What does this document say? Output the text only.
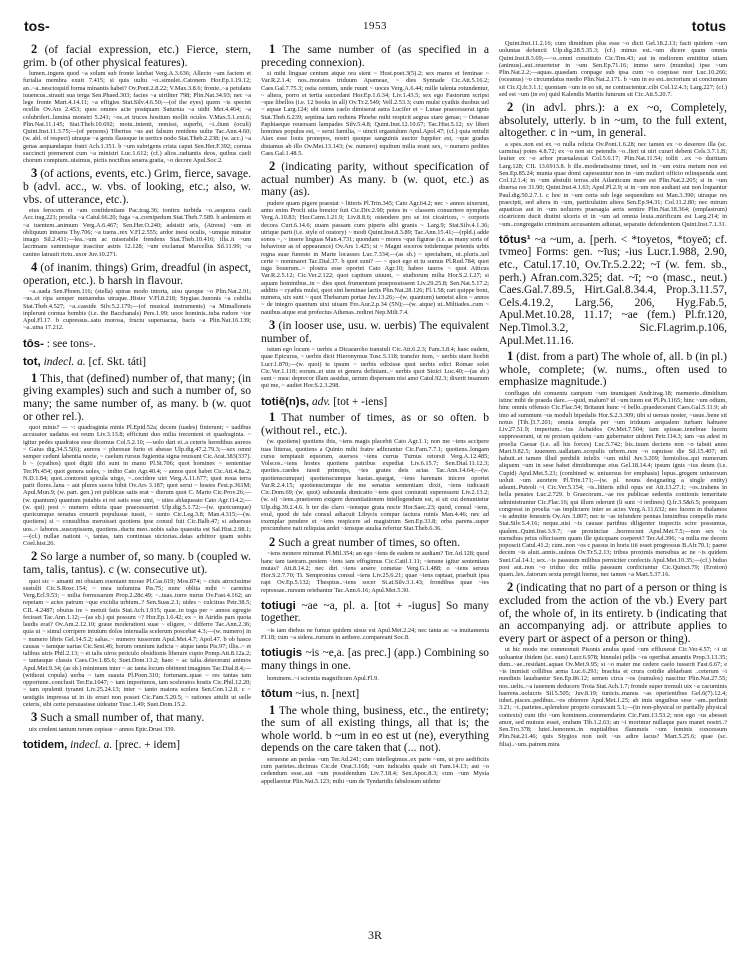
tos-	1953	totus

2 (of facial expression, etc.) Fierce, stern, grim. b (of other physical features).

lumen..ingens quod ~a solum sub fronte latebat Verg.A.3.636; Allecto ~am faciem et furialia membra exuit 7.415; si quis uultu ~o..simulet..Catonem Hor.Ep.1.19.12; an..~a..nescioquid forma minantis habet? Ov.Pont.2.8.22; V.Max.3.8.6; fronte..~a petulans iuuencus..strauit sua terga Sen.Phaed.303; facies ~a uiriliter 798; Plin.Nat.34.93; nec ~a lege fronte Mart.4.14.11; ~a effigies Stat.Silv.4.6.50;—(of the eyes) quem ~is spectet ocellis Ov.Ars 2.453; quos omnes acie postquam Saturnia ~a uidit Met.4.464; ~a colubriferi..lumina monstri 5.241; ~os..et truces hostium mollit oculos V.Max.5.1.ext.6; Plin.Nat.11.145; Stat.Theb.10.692; motu..intenti, remissi, superbi, ~i..fiunt (oculi) Quint.Inst.11.3.75;—(of persons) Tiberius ~us aut falsum renidens uultu Tac.Ann.4.60; (w. abl. of respect) utraque ~a genis flauoque in uertice nodo Stat.Theb.2.238; (w. acc.) ~a genas aequandaque fratri Ach.1.351. b ~um subrigens crista caput Sen.Her.F.392; cornua succincti premerent cum ~a ministri Luc.1.612; (cf.) alios..radiantis deos, quibus caeli chorum comptum..uisimus, pictis noctibus seuera gratia, ~o decore Apul.Soc.2.

3 (of actions, events, etc.) Grim, fierce, savage. b (advl. acc., w. vbs. of looking, etc.; also, w. vbs. of utterance, etc.).

eius ferocem et ~am confidentiam Pac.trag.36; tonitru turbida ~o..aequora caeli Acc.trag.223; proelia ~a Catul.66.20; fuga ~a..cornipedum Stat.Theb.7.589. b ardentem et ~a tuentem..animum Verg.A.6.467; Sen.Her.O.240; adsistit aris, (Atreus) ~um et obliquum intuens Thy.706; ~a tuens..rex V.Fl.2.555; ardor inest oculis, ~umque minatur imago Sil.2.431;—lea..~um ac miserabile frendens Stat.Theb.10.416; illa..it ~um lacrimans summisque irascitur astris 12.128; ~um exclamat Marcellus Sil.11.99; ~a canino latrauit rictu..uxor Juv.10.271.

4 (of inanim. things) Grim, dreadful (in aspect, operation, etc.). b harsh in flavour.

~a..uada Sen.Phoen.116; (stella) spirae modo intorta, uisu quoque ~o Plin.Nat.2.91; ~us..et ripa semper metuendus utraque..Hister V.Fl.8.218; Stygiae..Iunonis ~a cubilia Stat.Theb.4.527; ~a..casside Silv.5.2.179;—(of musical instruments) ~a Mimalloneis inplerunt cornua bombis (i.e. the Bacchanals) Pers.1.99; uoce hominis..tuba rudore ~ior Apul.Fl.17. b cupressus..satu morosa, fructu superuacua, bacis ~a Plin.Nat.16.139; ~a..uina 17.212.

tōs- : see tons-.

tot, indecl. a. [cf. Skt. táti]

1 This, that (defined) number of, that many; (in giving examples) such and such a number of, so many; the same number of, as many. b (w. quot or other rel.).

quot minis? — ~: quadraginta minis Pl.Epid.52a; decem (uades) finierunt; ~ uadibus accusator uadatus est reum Liv.3.13.8; efficiunt duo milia trecenteni et quadraginta. ~ igitur pedes quadratos esse dicemus Col.5.2.10; —uolo dari ei..a ceteris heredibus aureos ~ Gaius dig.34.5.5(6); aureos ~ pluresue furto ei abesse Ulp.dig.47.2.79.3;—sex omni semper cedunt labentia nocte, ~ caelum rursus fugientia signa reuisunt Cic.Arat.383(337). b ~ (cyathos) quot digiti tibi sunt in manu Pl.St.706; quot homines ~ sententiae Ter.Ph.454; quot genera uoles, ~ indito Cato Agr.40.4; ~ annos quot habet Cic.Att.4.8a.2; N.D.1.84; quot..contorsit spicula uirgo, ~..cecidere uiri Verg.A.11.677; quot noua terra parit flores..lana ~ aut plures sucos bibit Ov.Ars 3.187; quot serui ~ hostes Fest.p.361M; Apul.Mun.9; (w. part. gen.) rei publicae satis erat ~ dierum quot C. Mario Cic.Prov.26;—(w. quantum) quantum putabis ei rei satis esse uini, ~ uites ablaqueato Cato Agr.114.2;—(w. qui) post ~ numero edicta quae praecesserint Ulp.dig.5.1.72;—(w. quotcumque) quotcumque senatus creuerit populusue iussit, ~ sunto Cic.Leg.3.8; Man.4.315;—(w. quotiens) si ~ consulibus meruisset quotiens ipse consul fuit Cic.Balb.47; si aduersus uos..~ labores..suscepissem, quotiens..ductu meo..uobis salus quaesita est Sal.Hist.2.98.1;—(cf.) nullae nationi ~, tantas, tam continuas uictorias..datas arbitror quam uobis Coel.hist.26.

2 So large a number of, so many. b (coupled w. tam, talis, tantus). c (w. consecutive ut).

quoi sic ~ amanti mi obuiam eueniant morae Pl.Cas.619; Mos.874; ~ ciuis atrocissime sustulit Cic.S.Rosc.154; ~ mea uolumina Pis.75; nunc oblita mihi ~ carmina Verg.Ecl.9.53; ~ milia formosarum Prop.2.28c.49; ~..tuas..turre nurus Ov.Fast.4.162; an repetam ~ acies patrum ~que excidia urbium..? Sen.Suas.2.1; uides ~ culcitras Petr.38.5; CIL 4.2487; obuius ire ~ metuit fatis Stat.Ach.1.915; quae..in toga per ~ annos egregie fecisset Tac.Ann.1.12;—(as sb.) qui possum ~? Hor.Ep.1.6.42; ex ~ in Atridis pars quota laudis erat? Ov.Am.2.12.10; graue moderationi suae ~ eligere, ~ differre Tac.Ann.2.36; quia ui ~ simul corripere intutum dolos interualla scelerum poscebat 4.3;—(w. numero) in ~ numero libris Gel.14.5.2; salus..~ numero iussorum Apul.Met.4.7; Apol.47. b ob hasce causas ~ tamque uarias Cic.Sest.46; horum omnium iudicia ~ atque tanta Pis.97; illis..~ et talibus uiris Phil.2.13; ~ et talis uiros periculo obsidionis liberare cupio Pomp.Att.8.12a.2; ~ tantasque classis Caes.Civ.1.85.6; Suet.Dom.13.2; haec ~ ac talia..deiecerant animos Apul.Met.9.34; (as sb.) minimum inter ~ ac tanta locum obtinent imagines Tac.Dial.8.4;—(without copula) uerba ~ tam suauia Pl.Poen.310; fortunam..quae ~ res tantas tam opportune..conclusit Ter.Eu.1047; ~ tam importunos, tam sceleratos hostis Cic.Phil.12.20; ~ tam opulenti tyranni Liv.25.24.13; inter ~ tanto maiora scelera Sen.Con.1.2.8. c ~ uestigiis impressa ut in iis errari non posset Cic.Fam.5.20.5; ~ rationes attulit ut uelle ceteris, sibi certe persuasisse uideatur Tusc.1.49; Suet.Dom.15.2.

3 Such a small number of, that many.

uix credent tantum rerum cepisse ~ annos Epic.Drusi 339.

totidem, indecl. a. [prec. + idem]

1 The same number of (as specified in a preceding connexion).

si mihi linguae centum atque ora sient ~ Host.poet.3(5).2; sex mares et feminae ~ Var.R.2.1.4; nos..moratos triduum Apameae, ~ dies Synnade Cic.Att.5.16.2; Caes.Gal.7.75.3; ostia centum, unde ruunt ~ uoces Verg.A.6.44; mille talenta rotundentur, ~ altera, porro et tertia succedant Hor.Ep.1.6.34; Liv.1.43.5; sex ego Fastorum scripsi ~que libellos (i.e. 12 books in all) Ov.Tr.2.549; Vell.2.53.3; cum mulsi cyathis duobus uel ~ aquae Larg.124; ubi uiens caelo dimiserat astra Lucifer et ~ Lunae praecesserat ignis Stat.Theb.6.239; septima iam rediens Phoebe mihi respicit aegras stare genas; ~ Oetaeae Paphiaeque reuersant lampades Silv.5.4.8; Quint.Inst.12.10.67; Tac.Hist.5.12; xv liberi homines populus est, ~ serui familia, ~ uincti ergastulum Apul.Apol.47; (cf.) quia rettulit Aiax esse Iouis pronepos, nostri quoque sanguinis auctor Iuppiter est, ~que gradus distamus ab illo Ov.Met.13.143; (w. numero) equitum milia erant sex, ~ numero pedites Caes.Gal.1.48.5.

2 (indicating parity, without specification of actual number) As many. b (w. quot, etc.) as many (as).

pudere quam pigere praestat ~ litteris Pl.Trin.345; Cato Agr.64.2; nec ~ annos uixerunt, anno enim Procli uita breuior fuit Cic.Div.2.90; potes in ~ classem conuertere nymphas Verg.A.10.83; Hor.Carm.1.21.9; Liv.8.8.6; ostendere pro se tot cicatrices, ~ corporis decora Curt.6.14.6; uuam passam cum piperis albi granis ~ Larg.9; Stat.Silv.4.1.36; utrique parti (i.e. style of oratory) ~ modi Quint.Inst.8.3.89; Tac.Ann.15.41;—(rpld.) adde sonos ~, ~ insere linguas Man.4.731; quondam ~ mores ~que figurae (i.e. as many sorts of behaviour as of appearance) Ov.Ars 1.425; si ~ Magni soceros totidemque petentis urbis regna suae funesto in Marte locasses Luc.7.334;—(as sb.) ~ spectabam, ut..pluris..uel certe ~ nominaret Tac.Dial.37. b quot sunt? — ~ quot ego et tu sumus Pl.Rud.784; quot iuga bouerum..~ plostra esse oportet Cato Agr.10; habeo tauros ~ quot Atticus Var.R.2.5.12; Cic.Ver.2.122; quot capitum uiuunt, ~ studiorum milia Hor.S.2.1.27; si aquam hominibus..in ~ dies quot frumentum praeposuissent Liv.29.25.8; Sen.Nat.5.17.2; additis ~ cyathis mulsi, quot sint heminae lactis Plin.Nat.28.126; Fl.1.58; rari quippe boni, numera, uix sunt ~ quot Thebarum portae Juv.13.26;—(w. quantum) tametsi alios ~ annos ~ de integro quantum uixi uiuam Fro.Aur.2.p.34 (5N);—(w. atque) ut..Miltiades..cum ~ nauibus atque erat profectus Athenas..rediret Nep.Milt.7.4.

3 (in looser use, usu. w. uerbis) The equivalent number of.

istum ego locum ~ uerbis a Dicaearcho transtuli Cic.Att.6.2.3; Fam.3.8.4; haec eadem, quae Epicurus, ~ uerbis dicit Hieronymus Tusc.5.118; transfer item, ~ uerbis utare licebit Lucr.1.870;—(w. quot) te ipsum ~ uerbis edixisse quot uerbis edici Romae solet Cic.Ver.1.118; eorum..et uim et genera definiant..~ uerbis quot Stoici Luc.40;—(as sb.) sunt ~ mea: deprecor illam assidue, uerum dispeream nisi amo Catul.92.3; dixerit insanum qui me, ~ audiet Hor.S.2.3.298.

totiē(n)s, adv. [tot + -iens]

1 That number of times, as or so often. b (without rel., etc.).

(w. quotiens) quotiens ibis, ~iens magis placebit Cato Agr.1.1; non me ~iens accipere tuas litteras, quotiens a Quinto mihi fratre adferantur Cic.Fam.7.7.1; quotiens..longam cursu temptauit equorum, auersos ~iens currus Turnus retorsit Verg.A.12.485; Volscos..~iens hostes quotiens patribus expediat Liv.6.15.7; Sen.Dial.11.12.3; quoties..caedes iussit princeps, ~ies grates deis actas Tac.Ann.14.64;—(w. quotienscumque) quotienscumque hastas..spargat, ~iens harenam inicere oportet Var.R.2.4.15; quotienscumque de me senatus sententiam dixit, ~iens iudicauit Cic.Dom.69; (w. quot) subeunda dimicatio ~iens quot coniurati superessent Liv.2.13.2; (w. si) ~iens..praetorem exigere denuntiationem intellegendum est, si sit cui denuntietur Ulp.dig.39.2.4.6. b ter die claro ~iensque grata nocte Hor.Saec.23; quod, consul ~iens, exul, quod de tale consul adiacuit Libycis compar iactura ruinis Man.4.46; nec ad exemplar pendere et ~iens respicere ad magistrum Sen.Ep.33.8; orba parens..super procumbere nati reliquias ardet ~iensque auulsa refertur Stat.Theb.6.36.

2 Such a great number of times, so often.

~iens monere mirumst Pl.Mil.354; an ego ~iens de eadem re audiam? Ter.Ad.128; quod hanc tam taetram..pestem ~iens iam effugimus Cic.Catil.1.11; ~iensne igitur sententiam mutas? Att.8.14.2; nec diri ~iens arsere cometae Verg.G.1.488; o ~iens seruus Hor.S.2.7.70; Ti. Sempronius consul ~iens Liv.25.6.21; quae ~iens raptaat, praebuit ipsa rapi Ov.Ep.5.132; Thespius..~iens socer St.at.Silv.3.1.43; frondibus quae ~ies repressae..rursum oriebantur Tac.Ann.6.16; Apul.Met.5.30.

totiugi ~ae ~a, pl. a. [tot + -iugus] So many together.

~is iam diebus ne fumus quidem uisus est Apul.Met.2.24; nec tanta ac ~a inuitamenta Fl.18; cum ~a sidera..rursum in aethere..compareant Soc.8.

totiugis ~is ~e,a. [as prec.] (app.) Combining so many things in one.

hominem..~i scientia magnificum Apul.Fl.9.

tōtum ~ius, n. [next]

1 The whole thing, business, etc., the entirety; the sum of all existing things, all that is; the whole world. b ~um in eo est ut (ne), everything depends on the care taken that (... not).

seruesne an perdas ~um Ter.Ad.241; cum intellegimus..ex parte ~um, ut pro aedificiis cum parietes..dicimus Cic.de Orat.3.168; ~um iudicabis quale sit Fam.14.13; aut ~o cedendum esse..aut ~um possidendum Liv.7.18.4; Sen.Apoc.8.3; cum ~um Mysia appellaretur Plin.Nat.5.123; mihi ~um de Tyndaridis fabulosum uidetur

Quint.Inst.11.2.16; cum dimidium plus esse ~o dicit Gel.18.2.13; facit quidem ~um uoluntas defuncti Ulp.dig.28.5.35.3; (cf.) minus est..~um dicere quam omnia Quint.Inst.8.3.69;—~o..omni constituto Cic.Tim.43; aut in meliorem emittitur uitam (animus)..aut..reuertetur in ~um Sen.Ep.71.16; immo uero (mundus) ipse ~um Plin.Nat.2.2;—aquas..quasdam conpage sub ipsa cum ~o coepisse reor Luc.10.266; (oceanus) ~o circumdatus medio Plin.Nat.2.171. b ~um in eo est..tectorium ut concinnum sit Cic.Q.fr.3.1.1; quoniam ~um in eo sit, ne contractentur..cibi Col.12.4.3; Larg.227; (cf.) sed est ~um (in eo) quid Kalendis Martiis futurum sit Cic.Att.5.20.7.

2 (in advl. phrs.): a ex ~o, Completely, absolutely, utterly. b in ~um, to the full extent, altogether. c in ~um, in general.

a spes..non est ex ~o nulla relicta Ov.Pont.1.6.28; nec tamen ex ~o deserere illa (sc. carmina) potes 4.8.72; ex ~o non sic petendis ~o..fieri ut uiri curari debent Cels.3.7.1.B; leuiter ex ~o arbor praeualescat Col.5.6.17; Plin.Nat.11.54; tollit ..ex ~o duritiam Larg.128; CIL 13.6913.8. b ille..moderatissime timet, sed in ~um extra metum non est Sen.Ep.85.24; munia quae domi capessuntur non in ~um mulieri officio relinquenda sunt Col.12.1.4; in ~um abstulit terras..ubi Atlanticum mare est Plin.Nat.2.205; si in ~um diuersa res 31.90; Quint.Inst.4.1.63; Apul.Pl.2.9; si in ~um non audiant aut non loquantur Paul.dig.50.2.7.1. c hoc in ~um certa sub lege sequendum est Man.3.390; utraque res praecipit, sed altera in ~um, particulatim altera Sen.Ep.94.31; Col.11.2.80; nec mirum aquaticas aut in ~um uolucres praesagia aeris sentire Plin.Nat.18.364; (emplastrum) cicatricem ducit diutini ulceris et in ~um ad omnia leuia..mirificum est Larg.214; in ~um..congregatio criminum accusantem adiuuat, separatio defendentem Quint.Inst.7.1.31.

tōtus¹ ~a ~um, a. [perh. < *toyetos, *toyeō; cf. tvmeo] Forms: gen. ~īus; -ius Lucr.1.988, 2.90, etc., Catul.17.10, Ov.Tr.5.2.22; ~ī (w. fem. sb., perh.) Afran.com.325; dat. ~ī; ~o (masc., neut.) Caes.Gal.7.89.5, Hirt.Gal.8.34.4, Prop.3.11.57, Cels.4.19.2, Larg.56, 206, Hyg.Fab.5, Apul.Met.10.28, 11.17; ~ae (fem.) Pl.fr.120, Nep.Timol.3.2, Sic.Fl.agrim.p.106, Apul.Met.11.16.

1 (dist. from a part) The whole of, all. b (in pl.) whole, complete; (w. nums., often used to emphasize magnitude.)

confluges ubi conuentu campum ~um inumigant Andr.trag.18; memento..dimidium istinc mihi de praeda dare..—quid, malum? id ~um tuom est Pl.Ps.1165; hinc ~um odium, hinc omnis offensio Cic.Flac.54; Britanni hunc ~i bello..praedecerant Caes.Gal.5.11.9; ab imo ad summum ~us moduli bipedalis Hor.S.2.3.309; tibi si uersus noster, ~usue..bene sit notus [Tib.]3.7.201; omnia templa per ~um triduum aequalem turbam habuere Liv.27.51.9; imperium..~ius Achaidos Ov.Met.7.504; tam spissae..tenebrae lucem suppresserant, ut ne proram quidem ~am gubernator uideret Petr.114.3; iam ~us adest in proelia Caesar (i.e. all his forces) Luc.5.742; bis..tuum deciens non ~o tabuit anno Mart.9.82.5; iuuenem..uallatam..scopulis urbem..non ~o rapuisse die Sil.15.407; nil habuit..et tamen illud perdidit infelix ~um nihil Juv.3.209; hemiolios..qui numerum aliquem ~um in sese habet dimidiumque eius Gel.18.14.4; ipsum ignis ~ius deum (i.e. Cupid) Apul.Met.5.23; (combined w. uniuersus for emphasis) lupus..gregem uniuorsum uoluit ~um auortere Pl.Trin.171;—(w. pl. nouns designating a single entity) adsunt..Puteoli ~i Cic.Ver.5.154; ~is..litteris nihil opus est Att.13.27.1; ~os..trahens in bella penates Luc.2.729. b Graecorum..~ae res publicae sedentis contionis temeritate administrantur Cic.Flac.16; qui illum oderunt (li sunt ~i ordines) Q.fr.3.5&6.5; postquam congressi in proelia ~as implicuere inter se acies Verg.A.11.632; nec lucem in thalamos ~is admitte fenestris Ov.Ars 3.807; nec te ~as infundere pennas luminibus compello meis Stat.Silv.5.4.16; neque..nisi ~is causae partibus diligenter inspectis scire possumus, qualem..Quint.Inst.3.9.7; ~ae prouinciae ..horrescunt Apul.Met.7.5;—non sex ~is mensibus prius olfecissem quam ille quicquam coeperet? Ter.Ad.396; ~a milia me decem poposcit Catul.41.2; cum..non ~os c passus in horis iiii esset progressus B.Afr.70.1; paene decem ~is aluit..annis..uulnus Ov.Tr.5.2.13; tribus proximis mensibus ac ne ~is quidem Suet.Cal.14.1; sex..~is passuum milibus perniciter confectis Apul.Met.10.35;—(cf.) biduo post aut..non ~o triduo dcc milia passuum conficiuntur Cic.Quinct.79; (Erotion) quam..lex..fatorum sexta peregit hieme, nec tamen ~a Mart.5.37.16.

2 (indicating that no part of a person or thing is excluded from the action of the vb.) Every part of, the whole of, in its entirety. b (indicating that an accompanying adj. or attribute applies to every part or aspect of a person or thing).

ut hic modo me commonuit Pisonis anulus quod ~um effluxerat Cic.Ver.4.57; ~i ut uoluantur ibidem (sc. sues) Lucr.6.978; hinnulei pellis ~os operibat amantis Prop.3.13.35; dum..~ae..residant..aquae Ov.Met.9.95; si ~o mater me cedere caelo iusserit Fast.6.67; e ~is immisit collibus arma Luc.6.291; brachia et crura cotidie abluebant ..ceterum ~i nundinis lauabantur Sen.Ep.86.12; semen circa ~os (ramulos) nascitur Plin.Nat.27.55; nos..uelis..~a iuuenem deducere Troia Stat.Ach.1.7; fronde super tremuli uix ~a cacuminis haerens..uolucris Sil.5.505; Juv.8.19; tunicis..manus ~as operientibus Gel.6(7).12.4; iubet..pisces..pedibus..~os obterere Apul.Met.1.25; ab imis unguibus sese ~am..perlinit 3.21; ~i..parietes..splendore proprio coruscant 5.1;—(in non-physical or partially physical contexts) cum tibi ~um hominem..commendarim Cic.Fam.13.53.2; non ego ~us abesset amor, sed mutuus esset, orabam Tib.1.2.63; an ~i morimur nullaque pars manet nostri..? Sen.Tro.378; luteī..honorem..in nuptialibus flammeis ~um feminis concessum Plin.Nat.21.46; quis Stygios non uolt ~us adire lacus? Mart.5.25.6; quae (sc. filia)..~um..patrem mira

3R
